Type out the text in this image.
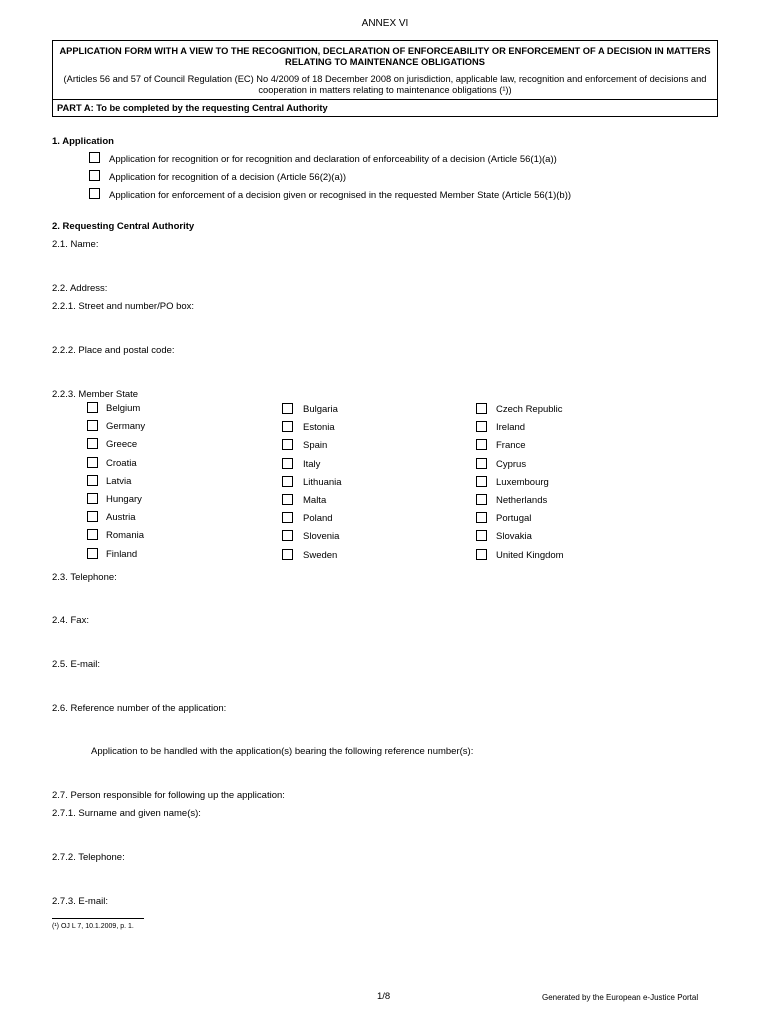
ANNEX VI
APPLICATION FORM WITH A VIEW TO THE RECOGNITION, DECLARATION OF ENFORCEABILITY OR ENFORCEMENT OF A DECISION IN MATTERS RELATING TO MAINTENANCE OBLIGATIONS
(Articles 56 and 57 of Council Regulation (EC) No 4/2009 of 18 December 2008 on jurisdiction, applicable law, recognition and enforcement of decisions and cooperation in matters relating to maintenance obligations (¹))
PART A: To be completed by the requesting Central Authority
1. Application
Application for recognition or for recognition and declaration of enforceability of a decision (Article 56(1)(a))
Application for recognition of a decision (Article 56(2)(a))
Application for enforcement of a decision given or recognised in the requested Member State (Article 56(1)(b))
2. Requesting Central Authority
2.1. Name:
2.2. Address:
2.2.1. Street and number/PO box:
2.2.2. Place and postal code:
2.2.3. Member State
Belgium
Germany
Greece
Croatia
Latvia
Hungary
Austria
Romania
Finland
Bulgaria
Estonia
Spain
Italy
Lithuania
Malta
Poland
Slovenia
Sweden
Czech Republic
Ireland
France
Cyprus
Luxembourg
Netherlands
Portugal
Slovakia
United Kingdom
2.3. Telephone:
2.4. Fax:
2.5. E-mail:
2.6. Reference number of the application:
Application to be handled with the application(s) bearing the following reference number(s):
2.7. Person responsible for following up the application:
2.7.1. Surname and given name(s):
2.7.2. Telephone:
2.7.3. E-mail:
(¹) OJ L 7, 10.1.2009, p. 1.
1/8	Generated by the European e-Justice Portal
